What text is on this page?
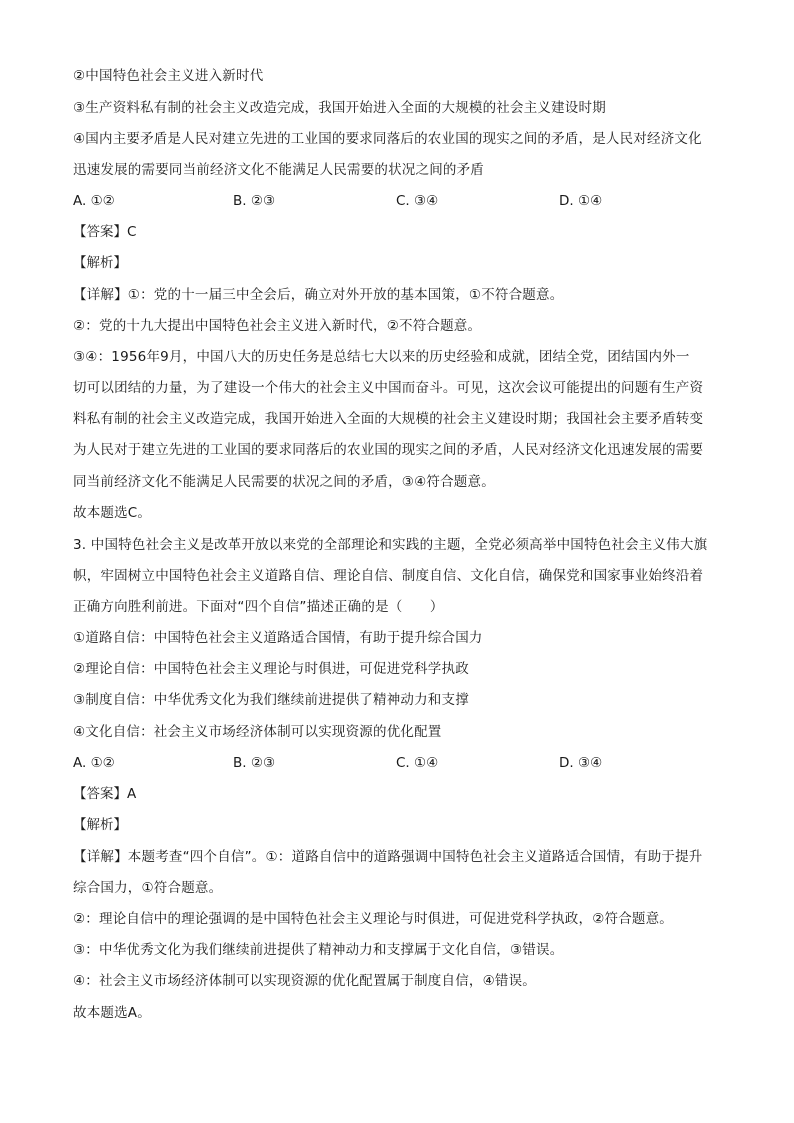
②中国特色社会主义进入新时代
③生产资料私有制的社会主义改造完成，我国开始进入全面的大规模的社会主义建设时期
④国内主要矛盾是人民对建立先进的工业国的要求同落后的农业国的现实之间的矛盾，是人民对经济文化
迅速发展的需要同当前经济文化不能满足人民需要的状况之间的矛盾
A. ①②	B. ②③	C. ③④	D. ①④
【答案】C
【解析】
【详解】①：党的十一届三中全会后，确立对外开放的基本国策，①不符合题意。
②：党的十九大提出中国特色社会主义进入新时代，②不符合题意。
③④：1956年9月，中国八大的历史任务是总结七大以来的历史经验和成就，团结全党，团结国内外一
切可以团结的力量，为了建设一个伟大的社会主义中国而奋斗。可见，这次会议可能提出的问题有生产资
料私有制的社会主义改造完成，我国开始进入全面的大规模的社会主义建设时期；我国社会主要矛盾转变
为人民对于建立先进的工业国的要求同落后的农业国的现实之间的矛盾，人民对经济文化迅速发展的需要
同当前经济文化不能满足人民需要的状况之间的矛盾，③④符合题意。
故本题选C。
3. 中国特色社会主义是改革开放以来党的全部理论和实践的主题，全党必须高举中国特色社会主义伟大旗
帜，牢固树立中国特色社会主义道路自信、理论自信、制度自信、文化自信，确保党和国家事业始终沿着
正确方向胜利前进。下面对“四个自信”描述正确的是（　　）
①道路自信：中国特色社会主义道路适合国情，有助于提升综合国力
②理论自信：中国特色社会主义理论与时俱进，可促进党科学执政
③制度自信：中华优秀文化为我们继续前进提供了精神动力和支撑
④文化自信：社会主义市场经济体制可以实现资源的优化配置
A. ①②	B. ②③	C. ①④	D. ③④
【答案】A
【解析】
【详解】本题考查“四个自信”。①：道路自信中的道路强调中国特色社会主义道路适合国情，有助于提升
综合国力，①符合题意。
②：理论自信中的理论强调的是中国特色社会主义理论与时俱进，可促进党科学执政，②符合题意。
③：中华优秀文化为我们继续前进提供了精神动力和支撑属于文化自信，③错误。
④：社会主义市场经济体制可以实现资源的优化配置属于制度自信，④错误。
故本题选A。
